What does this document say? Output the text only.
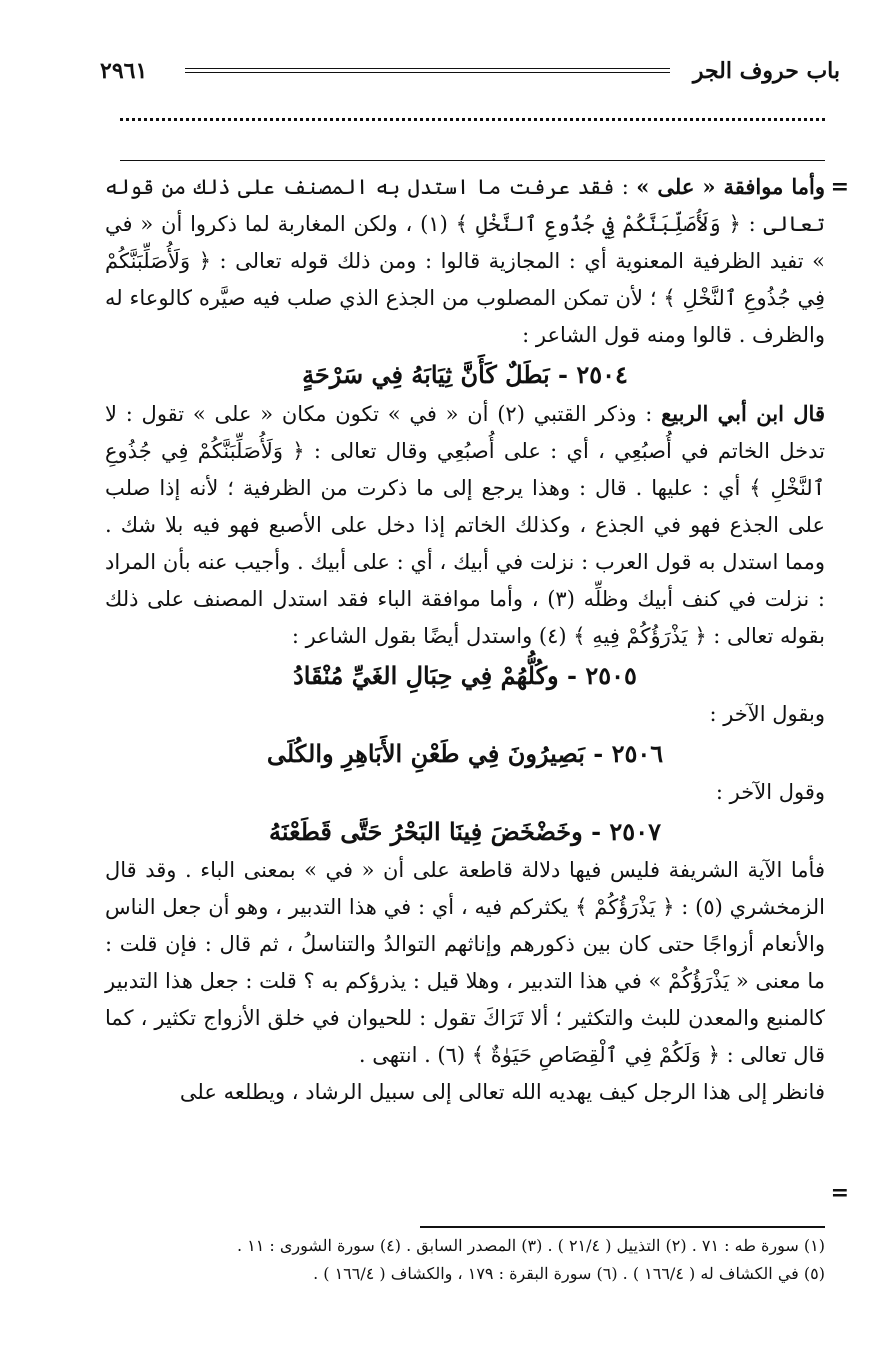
باب حروف الجر
٢٩٦١
=

وأما موافقة « على » : فقد عرفت ما استدل به المصنف على ذلك من قوله تعالى : ﴿ وَلَأُصَلِّبَنَّكُمْ فِي جُذُوعِ ٱلنَّخْلِ ﴾ (١) ، ولكن المغاربة لما ذكروا أن « في » تفيد الظرفية المعنوية أي : المجازية قالوا : ومن ذلك قوله تعالى : ﴿ وَلَأُصَلِّبَنَّكُمْ فِي جُذُوعِ ٱلنَّخْلِ ﴾ ؛ لأن تمكن المصلوب من الجذع الذي صلب فيه صيَّره كالوعاء له والظرف . قالوا ومنه قول الشاعر :

٢٥٠٤ - بَطَلٌ كَأَنَّ ثِيَابَهُ فِي سَرْحَةٍ

قال ابن أبي الربيع : وذكر القتبي (٢) أن « في » تكون مكان « على » تقول : لا تدخل الخاتم في أُصبُعِي ، أي : على أُصبُعِي وقال تعالى : ﴿ وَلَأُصَلِّبَنَّكُمْ فِي جُذُوعِ ٱلنَّخْلِ ﴾ أي : عليها . قال : وهذا يرجع إلى ما ذكرت من الظرفية ؛ لأنه إذا صلب على الجذع فهو في الجذع ، وكذلك الخاتم إذا دخل على الأصبع فهو فيه بلا شك . ومما استدل به قول العرب : نزلت في أبيك ، أي : على أبيك . وأجيب عنه بأن المراد : نزلت في كنف أبيك وظلِّه (٣) ، وأما موافقة الباء فقد استدل المصنف على ذلك بقوله تعالى : ﴿ يَذْرَؤُكُمْ فِيهِ ﴾ (٤) واستدل أيضًا بقول الشاعر :

٢٥٠٥ - وكُلُّهُمْ فِي حِبَالِ الغَيِّ مُنْقَادُ

وبقول الآخر :

٢٥٠٦ - بَصِيرُونَ فِي طَعْنِ الأَبَاهِرِ والكُلَى

وقول الآخر :

٢٥٠٧ - وخَضْخَضَ فِينَا البَحْرُ حَتَّى قَطَعْنَهُ

فأما الآية الشريفة فليس فيها دلالة قاطعة على أن « في » بمعنى الباء . وقد قال الزمخشري (٥) : ﴿ يَذْرَؤُكُمْ ﴾ يكثركم فيه ، أي : في هذا التدبير ، وهو أن جعل الناس والأنعام أزواجًا حتى كان بين ذكورهم وإناثهم التوالدُ والتناسلُ ، ثم قال : فإن قلت : ما معنى « يَذْرَؤُكُمْ » في هذا التدبير ، وهلا قيل : يذرؤكم به ؟ قلت : جعل هذا التدبير كالمنبع والمعدن للبث والتكثير ؛ ألا تَرَاكَ تقول : للحيوان في خلق الأزواج تكثير ، كما قال تعالى : ﴿ وَلَكُمْ فِي ٱلْقِصَاصِ حَيَوٰةٌ ﴾ (٦) . انتهى .

فانظر إلى هذا الرجل كيف يهديه الله تعالى إلى سبيل الرشاد ، ويطلعه على

=
(١) سورة طه : ٧١ . (٢) التذييل ( ٢١/٤ ) . (٣) المصدر السابق . (٤) سورة الشورى : ١١ .
(٥) في الكشاف له ( ١٦٦/٤ ) . (٦) سورة البقرة : ١٧٩ ، والكشاف ( ١٦٦/٤ ) .
